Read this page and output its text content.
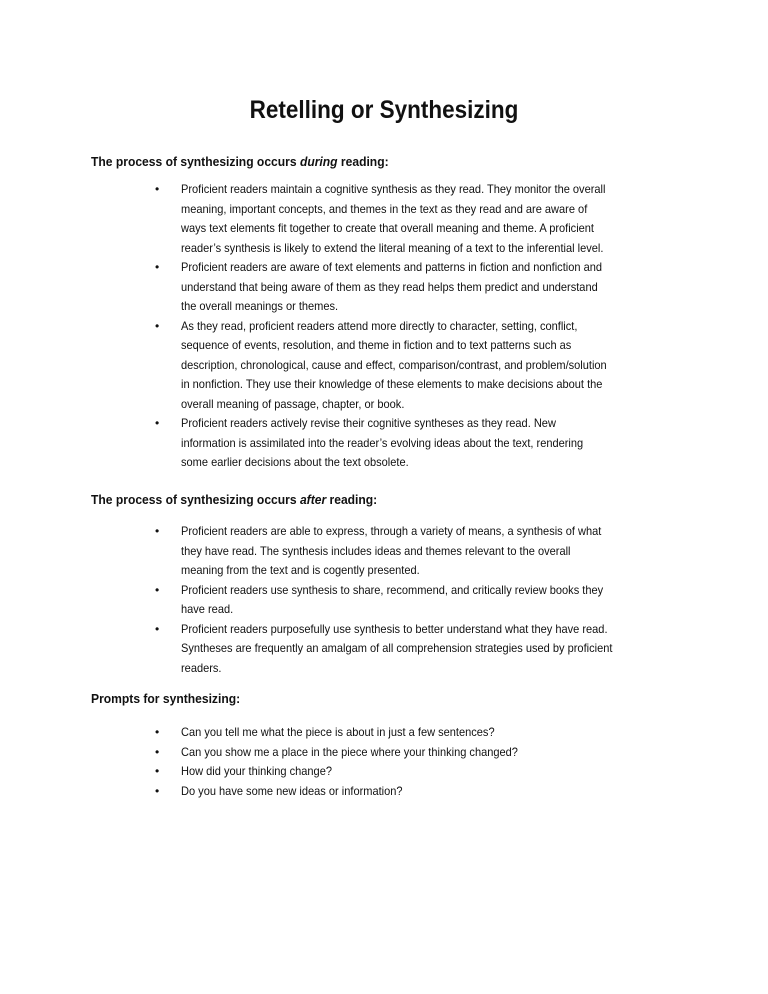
Retelling or Synthesizing
The process of synthesizing occurs during reading:
• Proficient readers maintain a cognitive synthesis as they read. They monitor the overall
meaning, important concepts, and themes in the text as they read and are aware of
ways text elements fit together to create that overall meaning and theme. A proficient
reader’s synthesis is likely to extend the literal meaning of a text to the inferential level.
• Proficient readers are aware of text elements and patterns in fiction and nonfiction and
understand that being aware of them as they read helps them predict and understand
the overall meanings or themes.
• As they read, proficient readers attend more directly to character, setting, conflict,
sequence of events, resolution, and theme in fiction and to text patterns such as
description, chronological, cause and effect, comparison/contrast, and problem/solution
in nonfiction. They use their knowledge of these elements to make decisions about the
overall meaning of passage, chapter, or book.
• Proficient readers actively revise their cognitive syntheses as they read. New
information is assimilated into the reader’s evolving ideas about the text, rendering
some earlier decisions about the text obsolete.
The process of synthesizing occurs after reading:
• Proficient readers are able to express, through a variety of means, a synthesis of what
they have read. The synthesis includes ideas and themes relevant to the overall
meaning from the text and is cogently presented.
• Proficient readers use synthesis to share, recommend, and critically review books they
have read.
• Proficient readers purposefully use synthesis to better understand what they have read.
Syntheses are frequently an amalgam of all comprehension strategies used by proficient
readers.
Prompts for synthesizing:
• Can you tell me what the piece is about in just a few sentences?
• Can you show me a place in the piece where your thinking changed?
• How did your thinking change?
• Do you have some new ideas or information?
